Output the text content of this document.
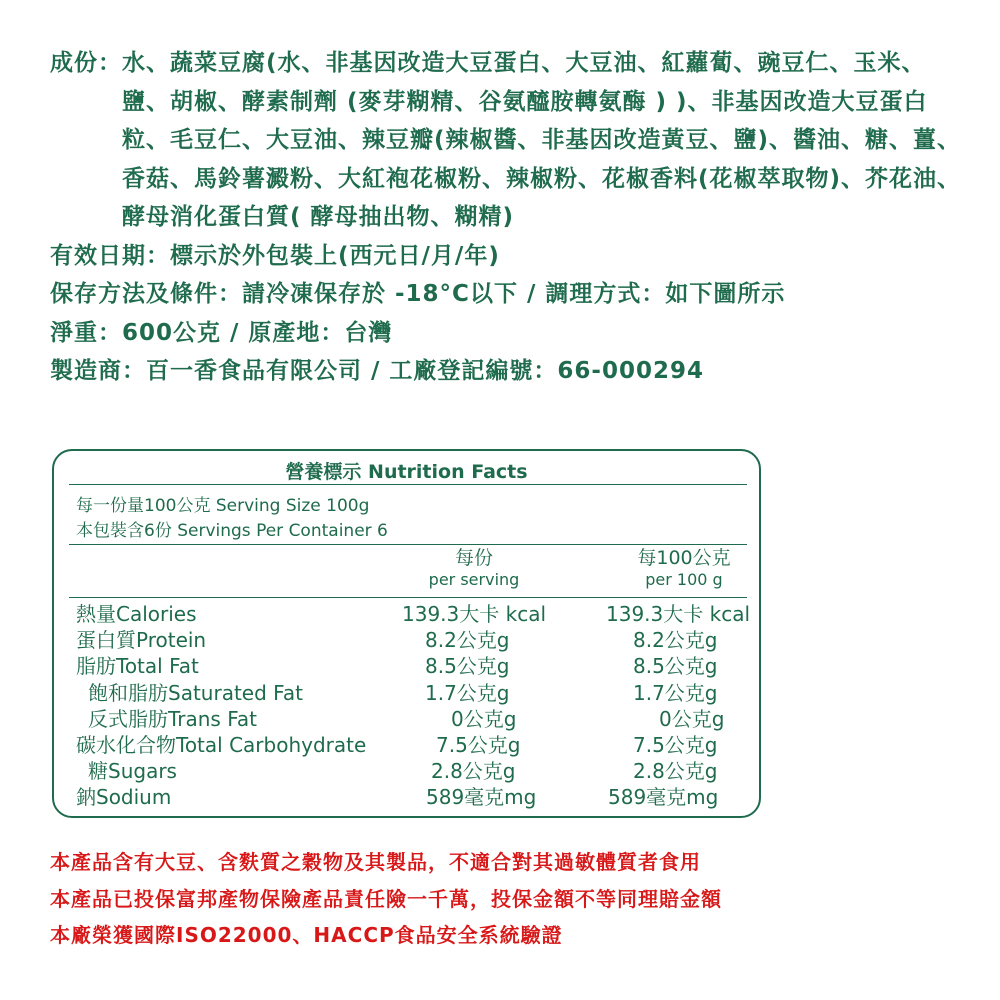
成份： 水、蔬菜豆腐(水、非基因改造大豆蛋白、大豆油、紅蘿蔔、豌豆仁、玉米、鹽、胡椒、酵素制劑 (麥芽糊精、谷氨醯胺轉氨酶 ) )、非基因改造大豆蛋白粒、毛豆仁、大豆油、辣豆瓣(辣椒醬、非基因改造黃豆、鹽)、醬油、糖、薑、香菇、馬鈴薯澱粉、大紅袍花椒粉、辣椒粉、花椒香料(花椒萃取物)、芥花油、酵母消化蛋白質( 酵母抽出物、糊精)
有效日期：標示於外包裝上(西元日/月/年)
保存方法及條件：請冷凍保存於 -18°C以下 / 調理方式：如下圖所示
淨重：600公克 / 原產地：台灣
製造商：百一香食品有限公司 / 工廠登記編號：66-000294
營養標示 Nutrition Facts
每一份量100公克 Serving Size 100g
本包裝含6份 Servings Per Container 6
每份
per serving
每100公克
per 100 g
熱量Calories	139.3大卡 kcal	139.3大卡 kcal
蛋白質Protein	8.2公克g	8.2公克g
脂肪Total Fat	8.5公克g	8.5公克g
飽和脂肪Saturated Fat	1.7公克g	1.7公克g
反式脂肪Trans Fat	0公克g	0公克g
碳水化合物Total Carbohydrate	7.5公克g	7.5公克g
糖Sugars	2.8公克g	2.8公克g
鈉Sodium	589毫克mg	589毫克mg
本產品含有大豆、含麩質之穀物及其製品，不適合對其過敏體質者食用
本產品已投保富邦產物保險產品責任險一千萬，投保金額不等同理賠金額
本廠榮獲國際ISO22000、HACCP食品安全系統驗證
